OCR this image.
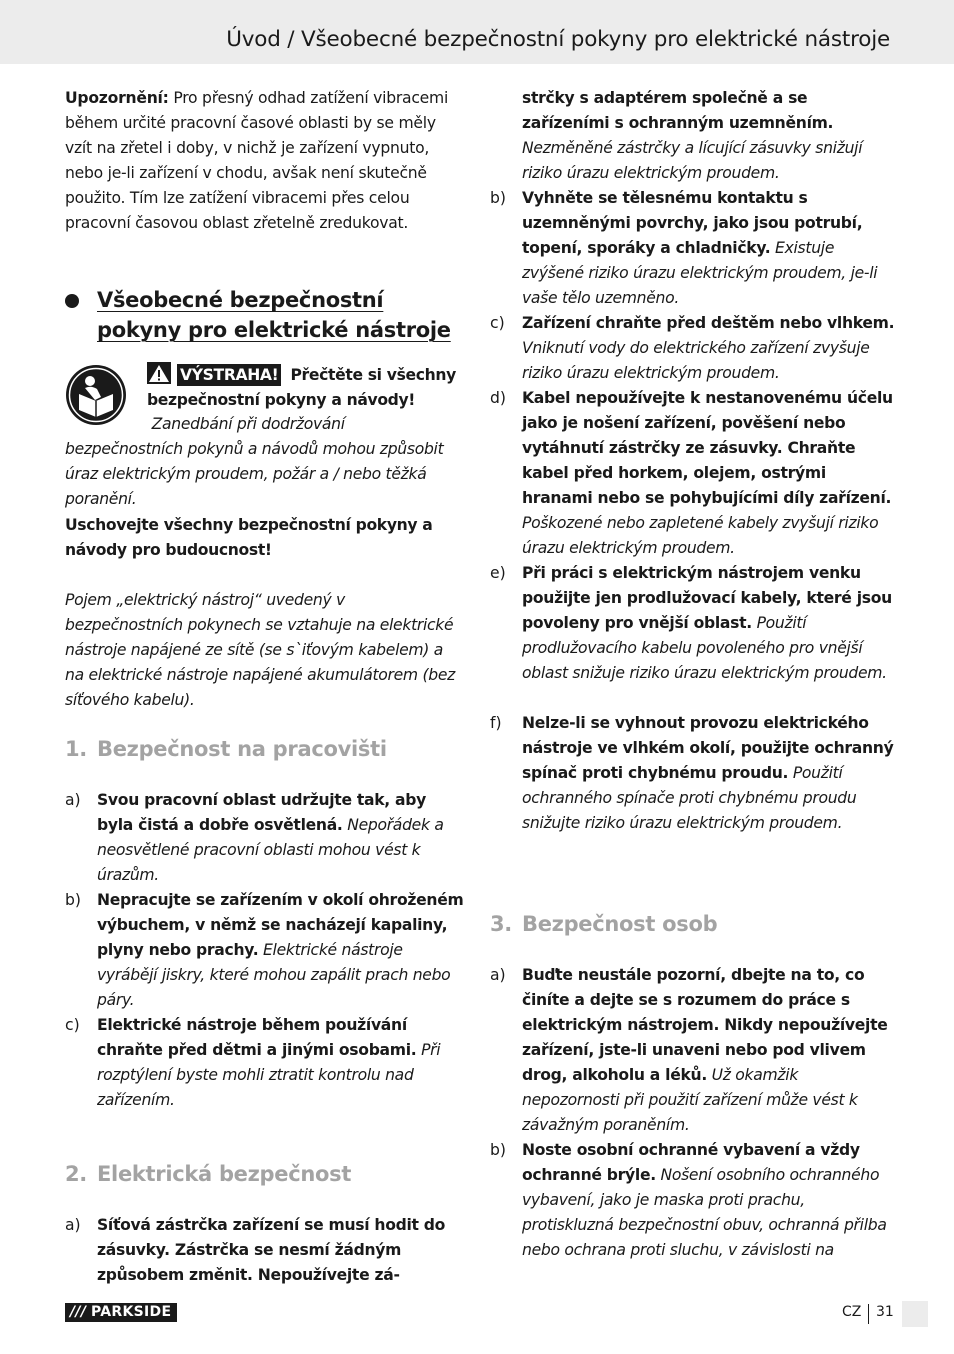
Úvod / Všeobecné bezpečnostní pokyny pro elektrické nástroje

Upozornění: Pro přesný odhad zatížení vibracemi během určité pracovní časové oblasti by se měly vzít na zřetel i doby, v nichž je zařízení vypnuto, nebo je-li zařízení v chodu, avšak není skutečně použito. Tím lze zatížení vibracemi přes celou pracovní časovou oblast zřetelně zredukovat.

Všeobecné bezpečnostní pokyny pro elektrické nástroje
VÝSTRAHA! Přečtěte si všechny bezpečnostní pokyny a návody!

Zanedbání při dodržování bezpečnostních pokynů a návodů mohou způsobit úraz elektrickým proudem, požár a / nebo těžká poranění.

Uschovejte všechny bezpečnostní pokyny a návody pro budoucnost!

Pojem „elektrický nástroj“ uvedený v bezpečnostních pokynech se vztahuje na elektrické nástroje napájené ze sítě (se s`iťovým kabelem) a na elektrické nástroje napájené akumulátorem (bez síťového kabelu).

1. Bezpečnost na pracovišti
a) Svou pracovní oblast udržujte tak, aby byla čistá a dobře osvětlená. Nepořádek a neosvětlené pracovní oblasti mohou vést k úrazům.

b) Nepracujte se zařízením v okolí ohroženém výbuchem, v němž se nacházejí kapaliny, plyny nebo prachy. Elektrické nástroje vyrábějí jiskry, které mohou zapálit prach nebo páry.

c) Elektrické nástroje během používání chraňte před dětmi a jinými osobami. Při rozptýlení byste mohli ztratit kontrolu nad zařízením.

2. Elektrická bezpečnost
a) Síťová zástrčka zařízení se musí hodit do zásuvky. Zástrčka se nesmí žádným způsobem změnit. Nepoužívejte zá-

strčky s adaptérem společně a se zařízeními s ochranným uzemněním. Nezměněné zástrčky a lícující zásuvky snižují riziko úrazu elektrickým proudem.

b) Vyhněte se tělesnému kontaktu s uzemněnými povrchy, jako jsou potrubí, topení, sporáky a chladničky. Existuje zvýšené riziko úrazu elektrickým proudem, je-li vaše tělo uzemněno.

c) Zařízení chraňte před deštěm nebo vlhkem. Vniknutí vody do elektrického zařízení zvyšuje riziko úrazu elektrickým proudem.

d) Kabel nepoužívejte k nestanovenému účelu jako je nošení zařízení, pověšení nebo vytáhnutí zástrčky ze zásuvky. Chraňte kabel před horkem, olejem, ostrými hranami nebo se pohybujícími díly zařízení. Poškozené nebo zapletené kabely zvyšují riziko úrazu elektrickým proudem.

e) Při práci s elektrickým nástrojem venku použijte jen prodlužovací kabely, které jsou povoleny pro vnější oblast. Použití prodlužovacího kabelu povoleného pro vnější oblast snižuje riziko úrazu elektrickým proudem.

f) Nelze-li se vyhnout provozu elektrického nástroje ve vlhkém okolí, použijte ochranný spínač proti chybnému proudu. Použití ochranného spínače proti chybnému proudu snižujte riziko úrazu elektrickým proudem.

3. Bezpečnost osob
a) Buďte neustále pozorní, dbejte na to, co činíte a dejte se s rozumem do práce s elektrickým nástrojem. Nikdy nepoužívejte zařízení, jste-li unaveni nebo pod vlivem drog, alkoholu a léků. Už okamžik nepozornosti při použití zařízení může vést k závažným poraněním.

b) Noste osobní ochranné vybavení a vždy ochranné brýle. Nošení osobního ochranného vybavení, jako je maska proti prachu, protiskluzná bezpečnostní obuv, ochranná přilba nebo ochrana proti sluchu, v závislosti na

/// PARKSIDE	CZ 31
